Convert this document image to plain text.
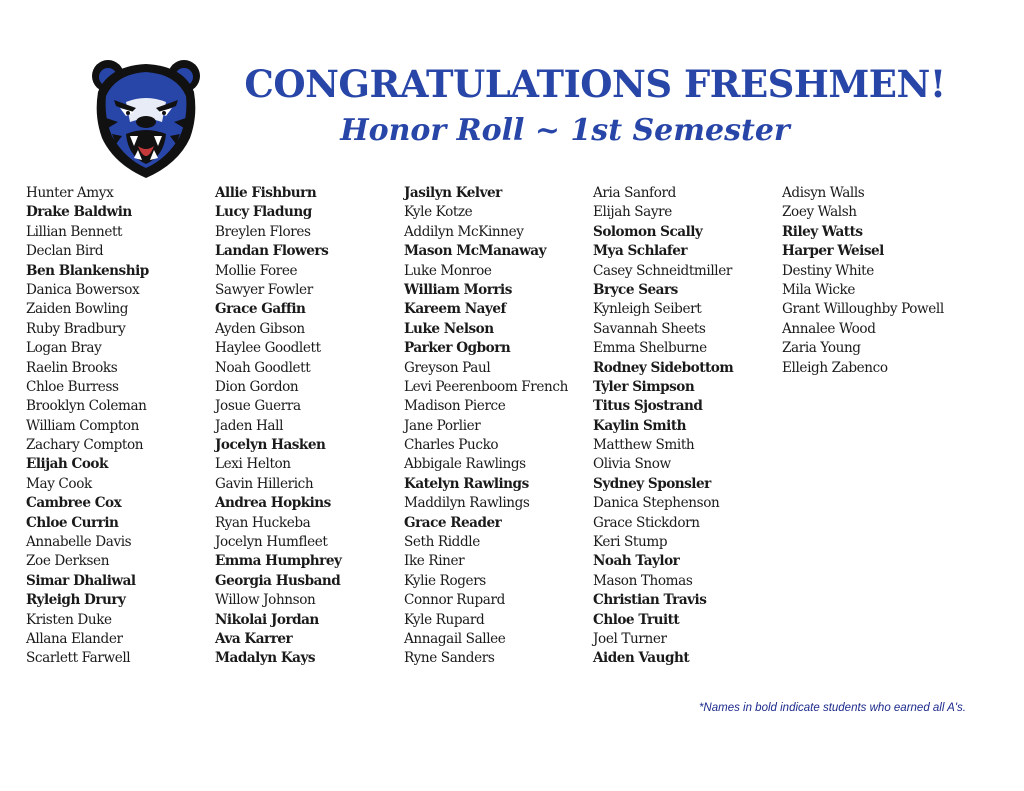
CONGRATULATIONS FRESHMEN!
Honor Roll ~ 1st Semester
Hunter Amyx
Drake Baldwin
Lillian Bennett
Declan Bird
Ben Blankenship
Danica Bowersox
Zaiden Bowling
Ruby Bradbury
Logan Bray
Raelin Brooks
Chloe Burress
Brooklyn Coleman
William Compton
Zachary Compton
Elijah Cook
May Cook
Cambree Cox
Chloe Currin
Annabelle Davis
Zoe Derksen
Simar Dhaliwal
Ryleigh Drury
Kristen Duke
Allana Elander
Scarlett Farwell
Allie Fishburn
Lucy Fladung
Breylen Flores
Landan Flowers
Mollie Foree
Sawyer Fowler
Grace Gaffin
Ayden Gibson
Haylee Goodlett
Noah Goodlett
Dion Gordon
Josue Guerra
Jaden Hall
Jocelyn Hasken
Lexi Helton
Gavin Hillerich
Andrea Hopkins
Ryan Huckeba
Jocelyn Humfleet
Emma Humphrey
Georgia Husband
Willow Johnson
Nikolai Jordan
Ava Karrer
Madalyn Kays
Jasilyn Kelver
Kyle Kotze
Addilyn McKinney
Mason McManaway
Luke Monroe
William Morris
Kareem Nayef
Luke Nelson
Parker Ogborn
Greyson Paul
Levi Peerenboom French
Madison Pierce
Jane Porlier
Charles Pucko
Abbigale Rawlings
Katelyn Rawlings
Maddilyn Rawlings
Grace Reader
Seth Riddle
Ike Riner
Kylie Rogers
Connor Rupard
Kyle Rupard
Annagail Sallee
Ryne Sanders
Aria Sanford
Elijah Sayre
Solomon Scally
Mya Schlafer
Casey Schneidtmiller
Bryce Sears
Kynleigh Seibert
Savannah Sheets
Emma Shelburne
Rodney Sidebottom
Tyler Simpson
Titus Sjostrand
Kaylin Smith
Matthew Smith
Olivia Snow
Sydney Sponsler
Danica Stephenson
Grace Stickdorn
Keri Stump
Noah Taylor
Mason Thomas
Christian Travis
Chloe Truitt
Joel Turner
Aiden Vaught
Adisyn Walls
Zoey Walsh
Riley Watts
Harper Weisel
Destiny White
Mila Wicke
Grant Willoughby Powell
Annalee Wood
Zaria Young
Elleigh Zabenco
*Names in bold indicate students who earned all A's.
